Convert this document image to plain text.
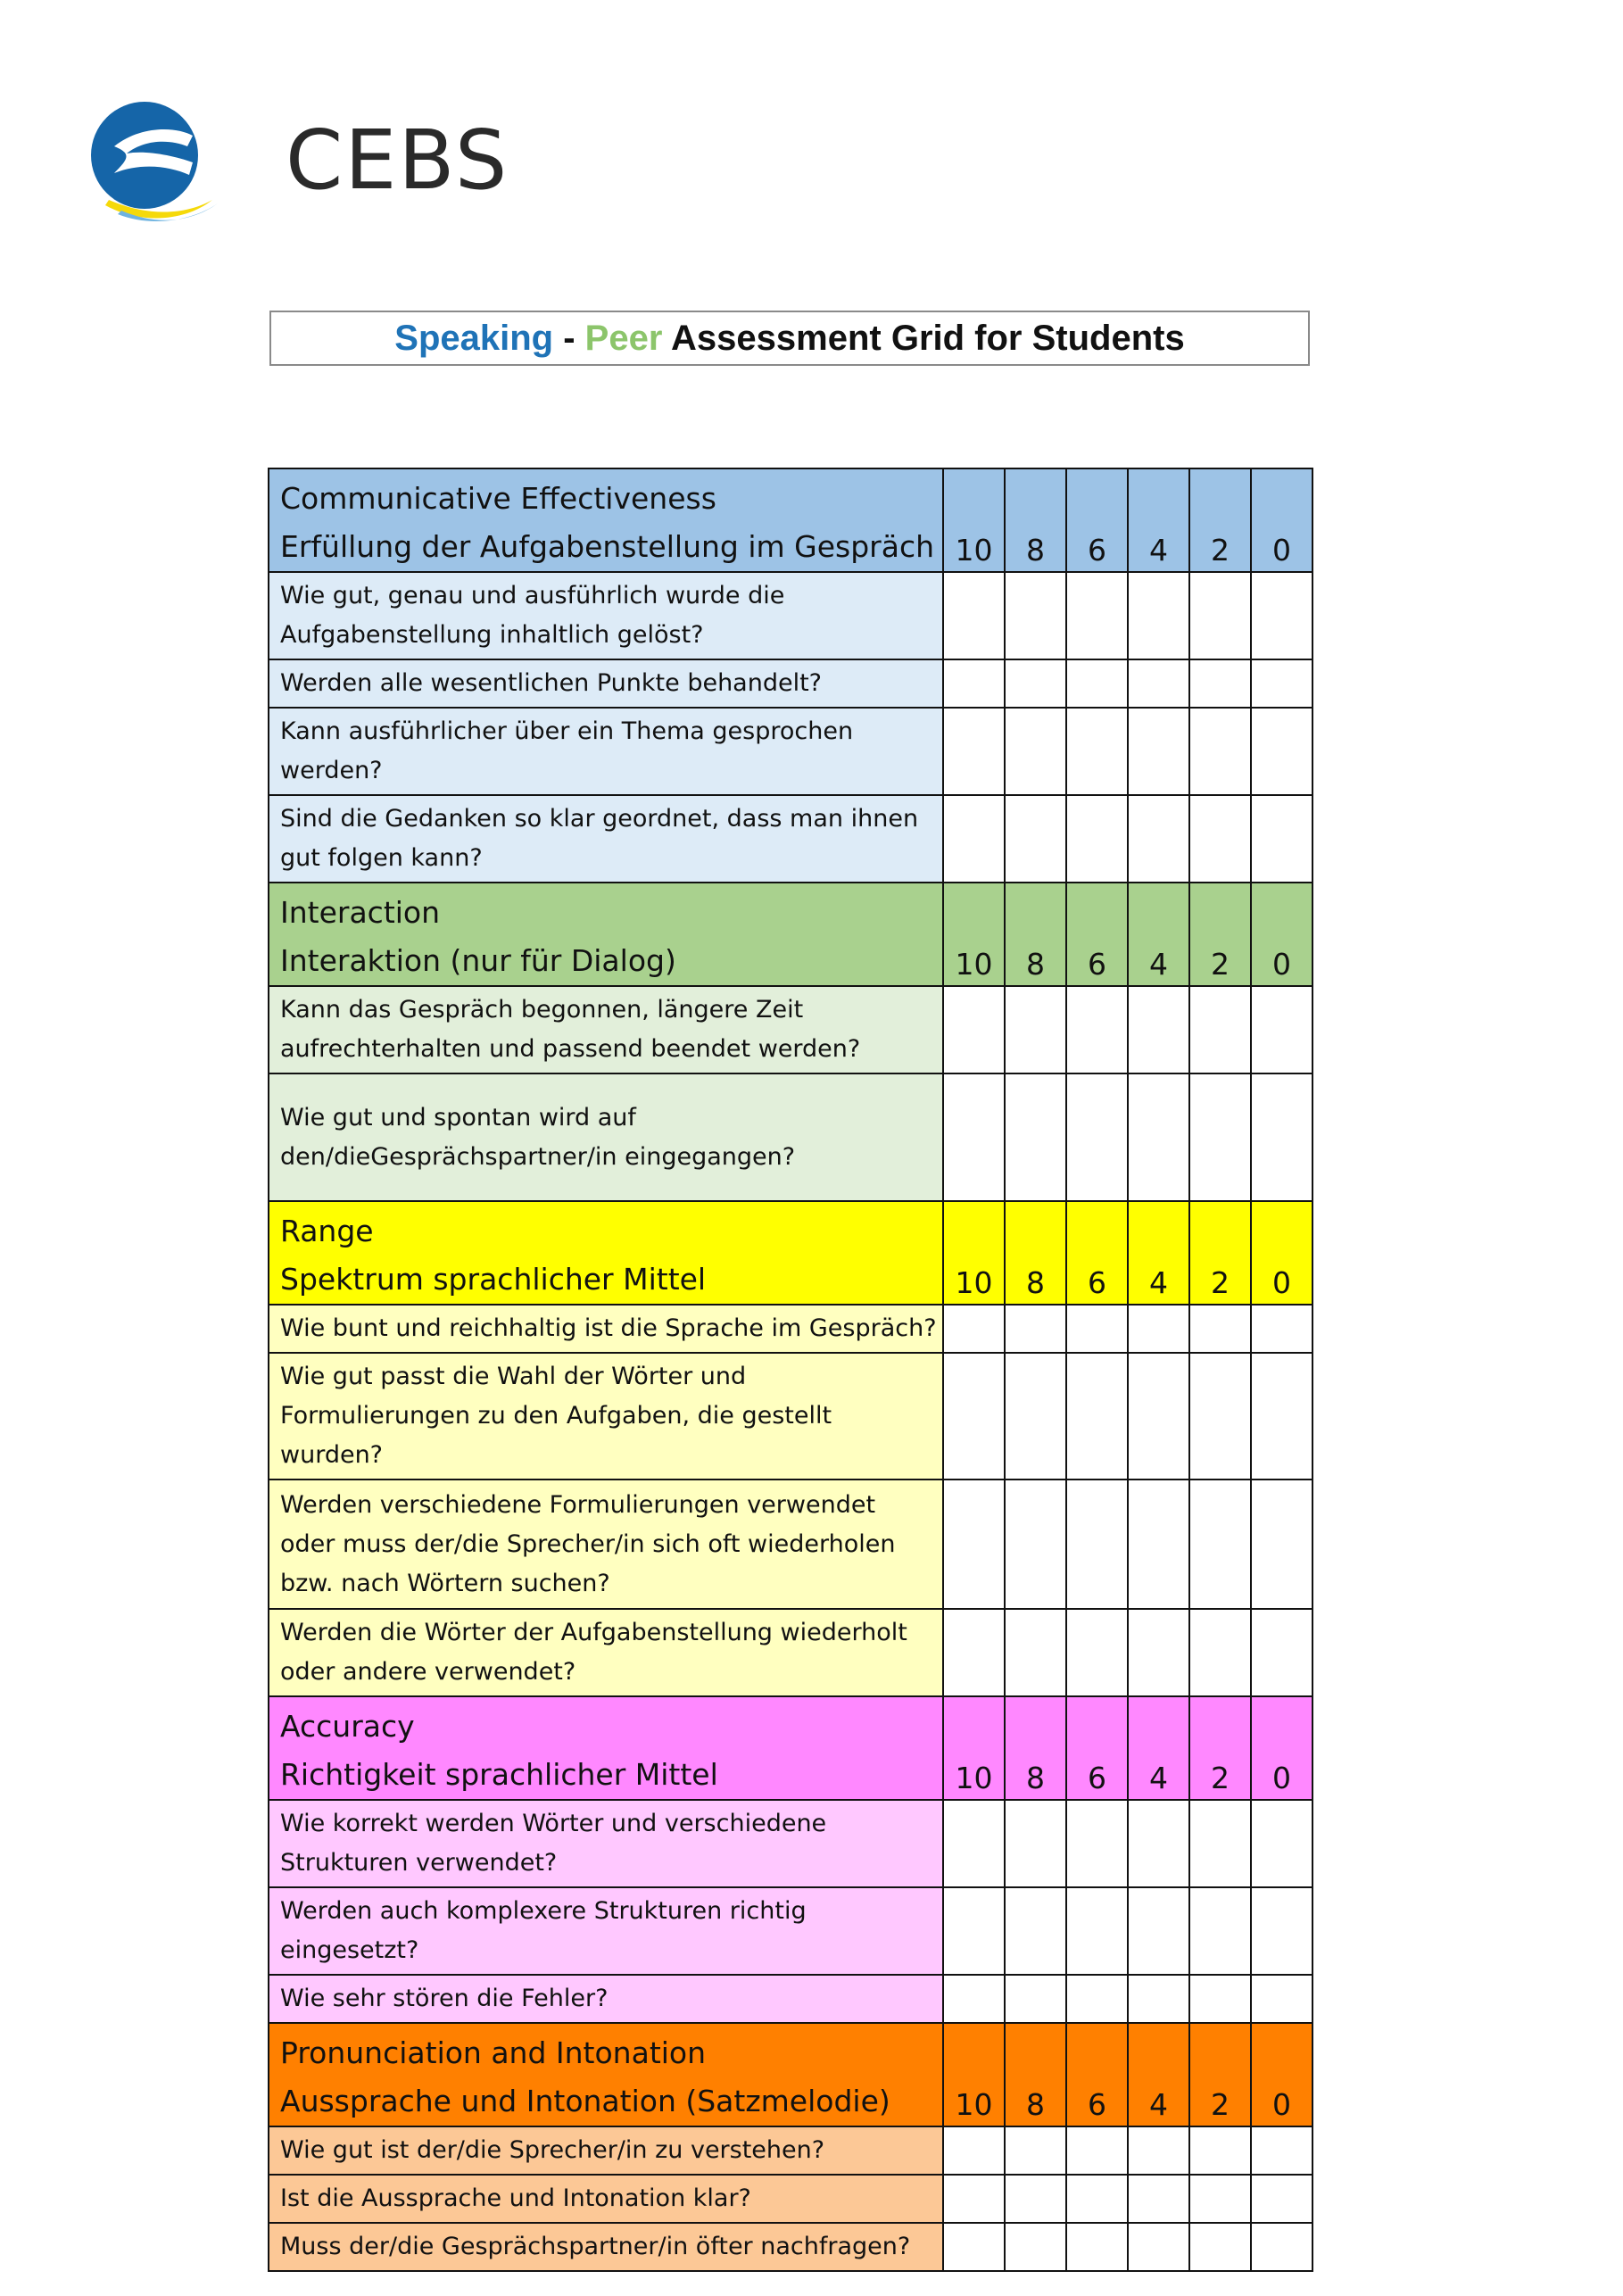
CEBS
Speaking - Peer Assessment Grid for Students
Communicative Effectiveness
Erfüllung der Aufgabenstellung im Gespräch	10	8	6	4	2	0
Wie gut, genau und ausführlich wurde die Aufgabenstellung inhaltlich gelöst?						
Werden alle wesentlichen Punkte behandelt?						
Kann ausführlicher über ein Thema gesprochen werden?						
Sind die Gedanken so klar geordnet, dass man ihnen gut folgen kann?						

Interaction
Interaktion (nur für Dialog)	10	8	6	4	2	0
Kann das Gespräch begonnen, längere Zeit aufrechterhalten und passend beendet werden?						
Wie gut und spontan wird auf den/dieGesprächspartner/in eingegangen?						

Range
Spektrum sprachlicher Mittel	10	8	6	4	2	0
Wie bunt und reichhaltig ist die Sprache im Gespräch?						
Wie gut passt die Wahl der Wörter und Formulierungen zu den Aufgaben, die gestellt wurden?						
Werden verschiedene Formulierungen verwendet oder muss der/die Sprecher/in sich oft wiederholen bzw. nach Wörtern suchen?						
Werden die Wörter der Aufgabenstellung wiederholt oder andere verwendet?						

Accuracy
Richtigkeit sprachlicher Mittel	10	8	6	4	2	0
Wie korrekt werden Wörter und verschiedene Strukturen verwendet?						
Werden auch komplexere Strukturen richtig eingesetzt?						
Wie sehr stören die Fehler?						

Pronunciation and Intonation
Aussprache und Intonation (Satzmelodie)	10	8	6	4	2	0
Wie gut ist der/die Sprecher/in zu verstehen?						
Ist die Aussprache und Intonation klar?						
Muss der/die Gesprächspartner/in öfter nachfragen?						
